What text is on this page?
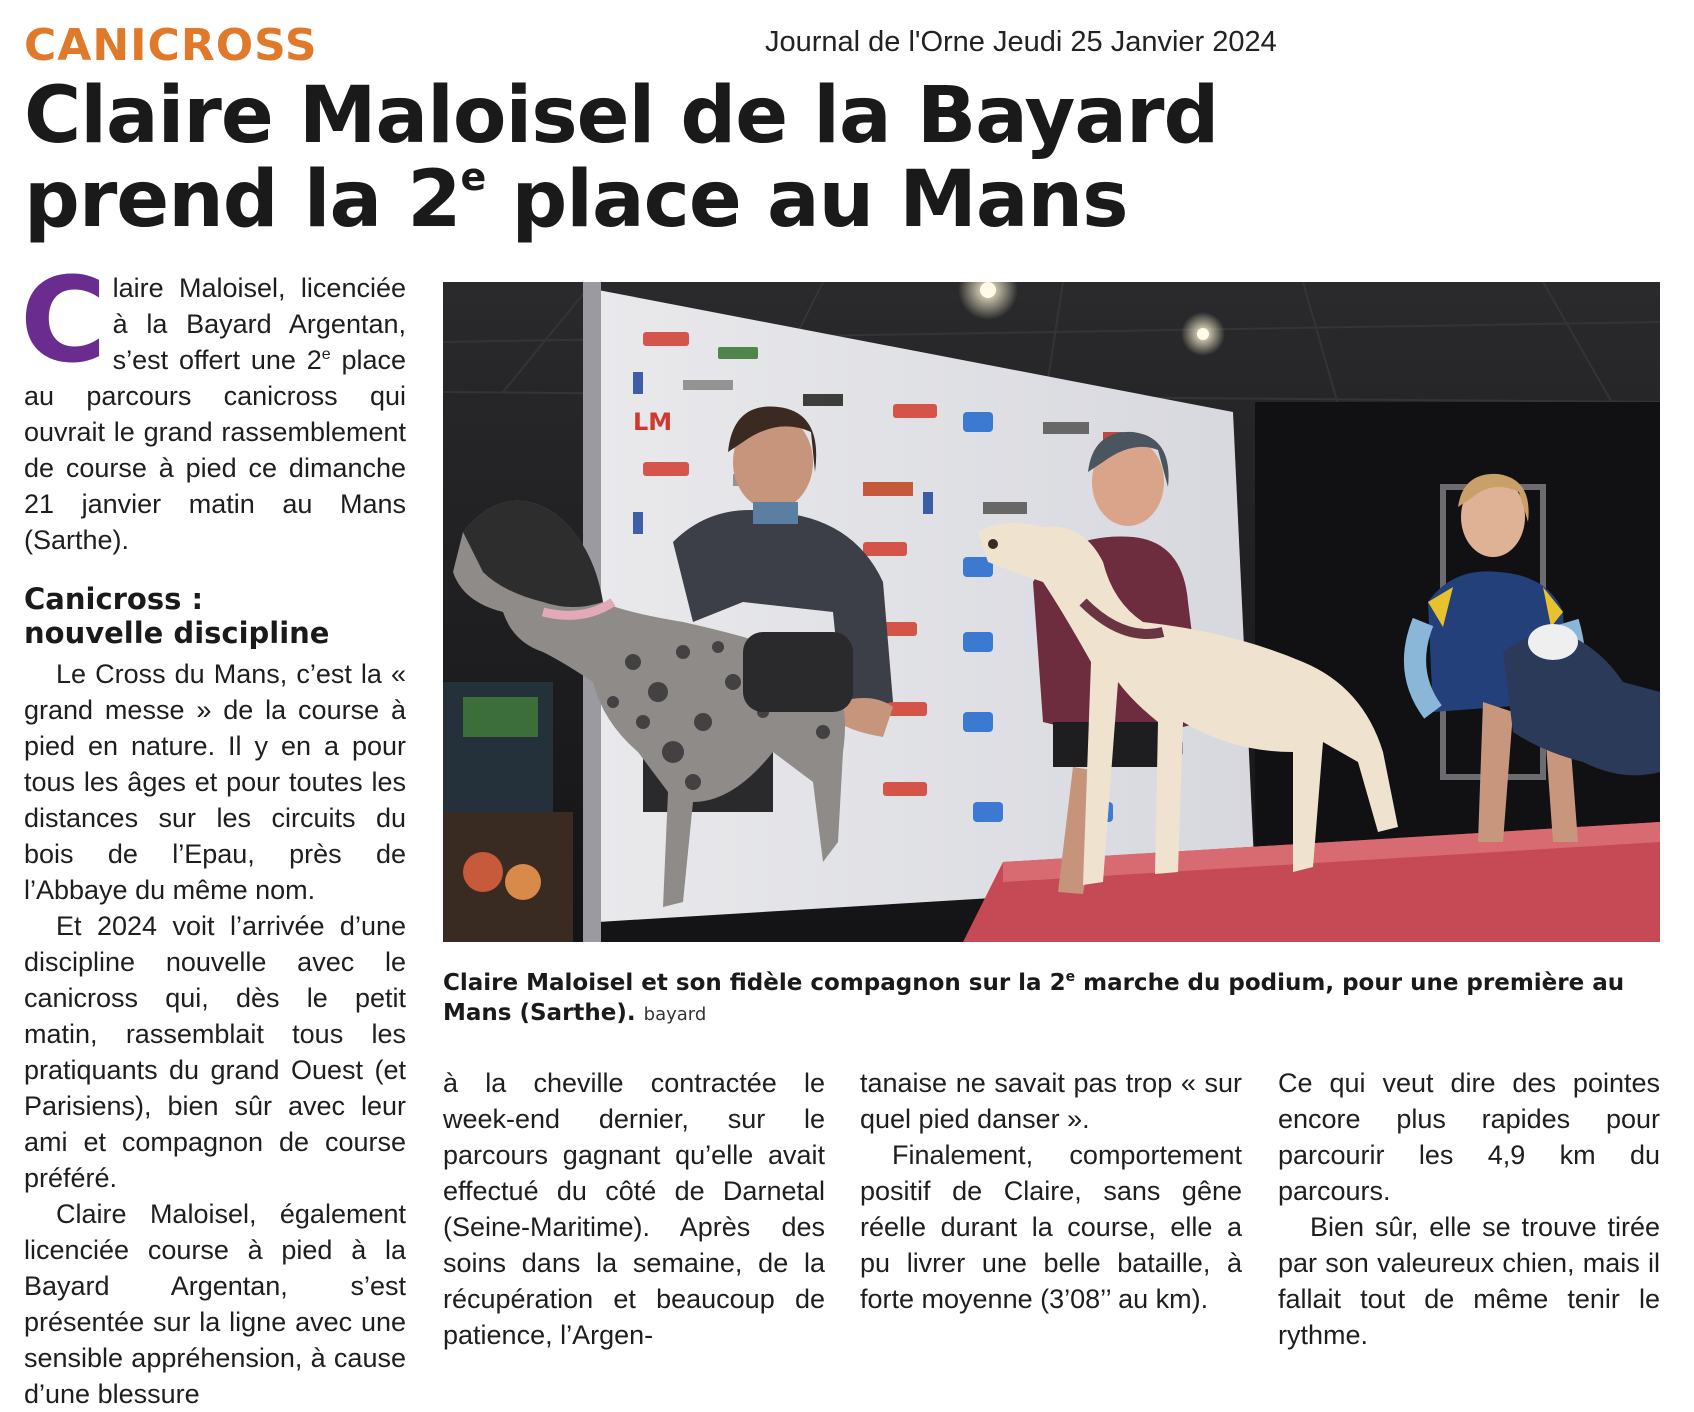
CANICROSS	Journal de l'Orne Jeudi 25 Janvier 2024
Claire Maloisel de la Bayard
prend la 2e place au Mans

Claire Maloisel, licenciée à la Bayard Argentan, s’est offert une 2e place au parcours canicross qui ouvrait le grand rassemblement de course à pied ce dimanche 21 janvier matin au Mans (Sarthe).

Canicross :
nouvelle discipline

Le Cross du Mans, c’est la « grand messe » de la course à pied en nature. Il y en a pour tous les âges et pour toutes les distances sur les circuits du bois de l’Epau, près de l’Abbaye du même nom.

Et 2024 voit l’arrivée d’une discipline nouvelle avec le canicross qui, dès le petit matin, rassemblait tous les pratiquants du grand Ouest (et Parisiens), bien sûr avec leur ami et compagnon de course préféré.

Claire Maloisel, également licenciée course à pied à la Bayard Argentan, s’est présentée sur la ligne avec une sensible appréhension, à cause d’une blessure

LM
Claire Maloisel et son fidèle compagnon sur la 2e marche du podium, pour une première au Mans (Sarthe). bayard

à la cheville contractée le week-end dernier, sur le parcours gagnant qu’elle avait effectué du côté de Darnetal (Seine-Maritime). Après des soins dans la semaine, de la récupération et beaucoup de patience, l’Argen-

tanaise ne savait pas trop « sur quel pied danser ».

Finalement, comportement positif de Claire, sans gêne réelle durant la course, elle a pu livrer une belle bataille, à forte moyenne (3’08’’ au km).

Ce qui veut dire des pointes encore plus rapides pour parcourir les 4,9 km du parcours.

Bien sûr, elle se trouve tirée par son valeureux chien, mais il fallait tout de même tenir le rythme.
